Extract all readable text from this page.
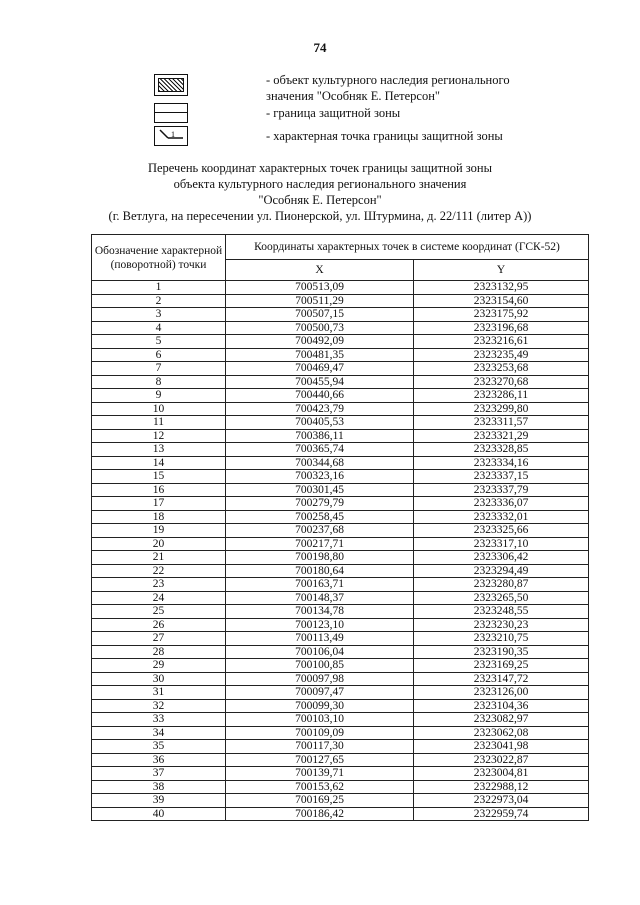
74
- объект культурного наследия регионального
значения "Особняк Е. Петерсон"
- граница защитной зоны
1	- характерная точка границы защитной зоны
Перечень координат характерных точек границы защитной зоны
объекта культурного наследия регионального значения
"Особняк Е. Петерсон"
(г. Ветлуга, на пересечении ул. Пионерской, ул. Штурмина, д. 22/111 (литер А))
Обозначение характерной (поворотной) точки	Координаты характерных точек в системе координат (ГСК-52)	
	X	Y
1	700513,09	2323132,95
2	700511,29	2323154,60
3	700507,15	2323175,92
4	700500,73	2323196,68
5	700492,09	2323216,61
6	700481,35	2323235,49
7	700469,47	2323253,68
8	700455,94	2323270,68
9	700440,66	2323286,11
10	700423,79	2323299,80
11	700405,53	2323311,57
12	700386,11	2323321,29
13	700365,74	2323328,85
14	700344,68	2323334,16
15	700323,16	2323337,15
16	700301,45	2323337,79
17	700279,79	2323336,07
18	700258,45	2323332,01
19	700237,68	2323325,66
20	700217,71	2323317,10
21	700198,80	2323306,42
22	700180,64	2323294,49
23	700163,71	2323280,87
24	700148,37	2323265,50
25	700134,78	2323248,55
26	700123,10	2323230,23
27	700113,49	2323210,75
28	700106,04	2323190,35
29	700100,85	2323169,25
30	700097,98	2323147,72
31	700097,47	2323126,00
32	700099,30	2323104,36
33	700103,10	2323082,97
34	700109,09	2323062,08
35	700117,30	2323041,98
36	700127,65	2323022,87
37	700139,71	2323004,81
38	700153,62	2322988,12
39	700169,25	2322973,04
40	700186,42	2322959,74
